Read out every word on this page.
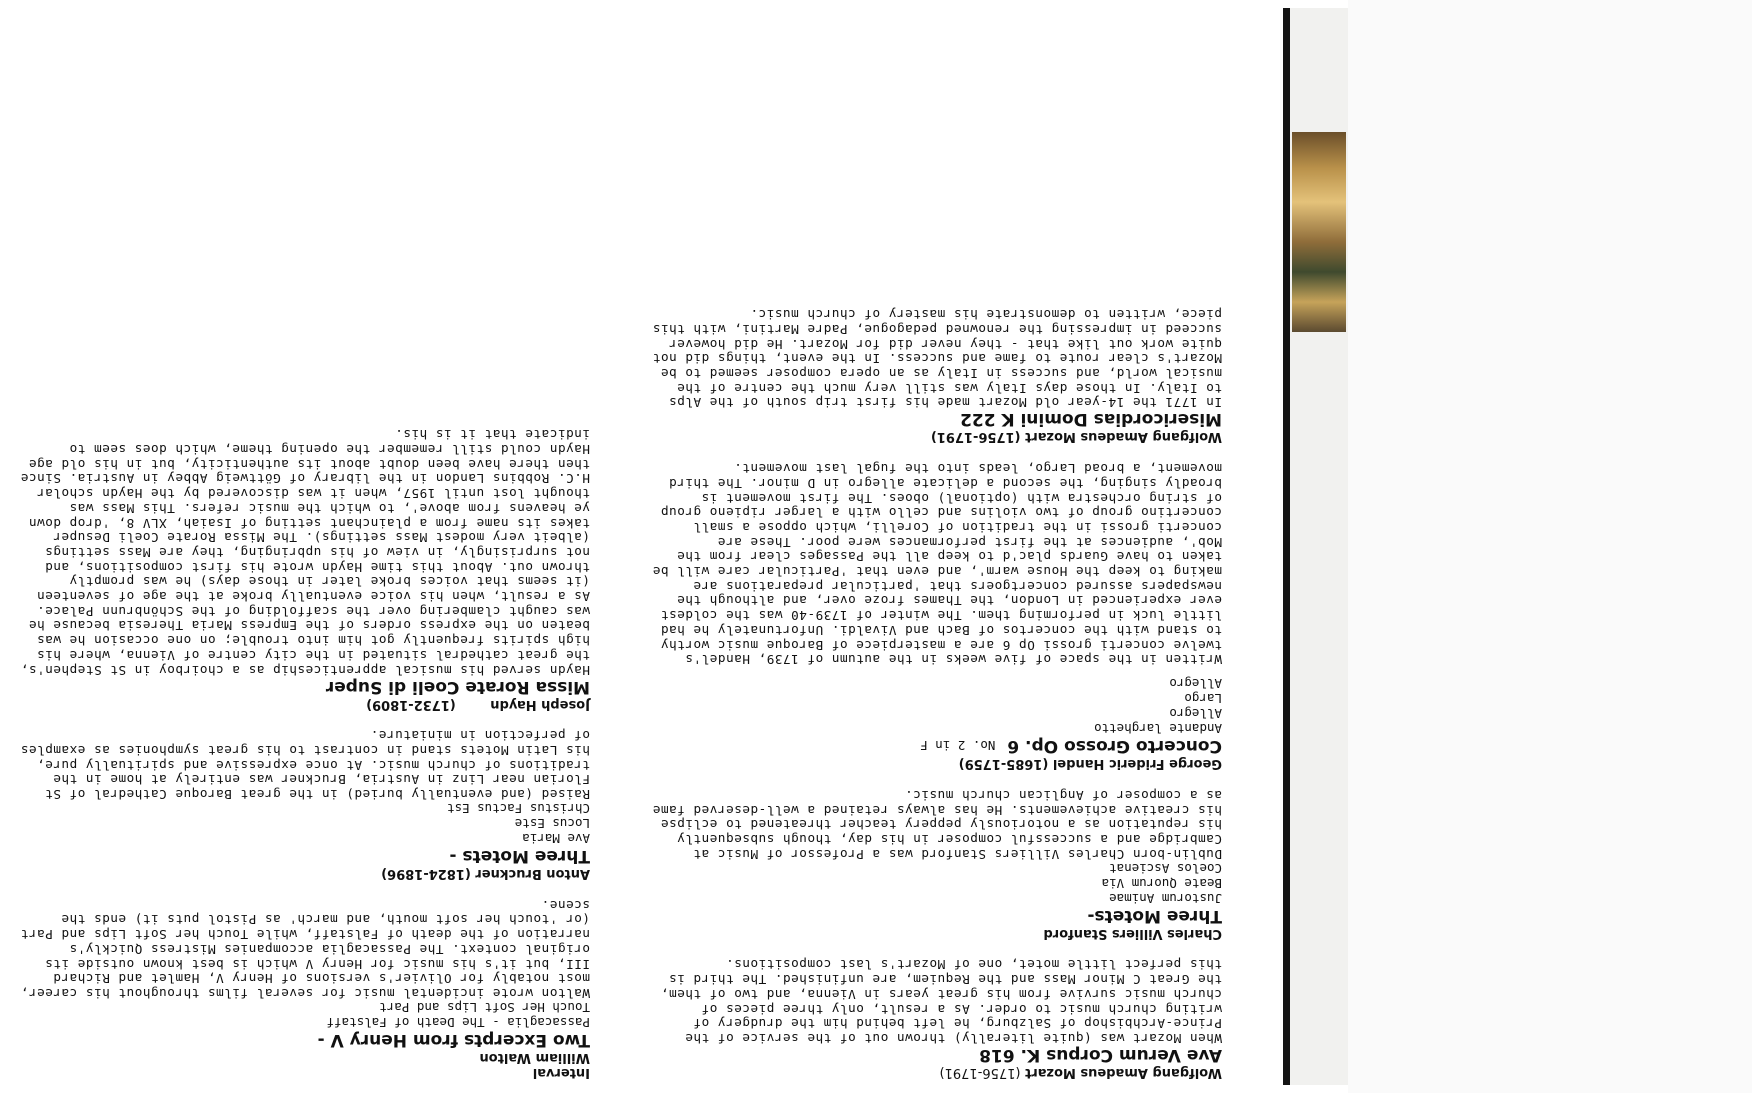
Interval

William Walton

Two Excerpts from Henry V -

Passacaglia - The Death of Falstaff

Touch Her Soft Lips and Part

Walton wrote incidental music for several films throughout his career, most notably for Olivier's versions of Henry V, Hamlet and Richard III, but it's his music for Henry V which is best known outside its original context. The Passacaglia accompanies Mistress Quickly's narration of the death of Falstaff, while Touch her Soft Lips and Part (or 'touch her soft mouth, and march' as Pistol puts it) ends the scene.

Anton Bruckner (1824-1896)

Three Motets -

Ave Maria

Locus Este

Christus Factus Est

Raised (and eventually buried) in the great Baroque Cathedral of St Florian near Linz in Austria, Bruckner was entirely at home in the traditions of church music. At once expressive and spiritually pure, his Latin Motets stand in contrast to his great symphonies as examples of perfection in miniature.

Joseph Haydn (1732-1809)

Missa Rorate Coeli di Super

Haydn served his musical apprenticeship as a choirboy in St Stephen's, the great cathedral situated in the city centre of Vienna, where his high spirits frequently got him into trouble; on one occasion he was beaten on the express orders of the Empress Maria Theresia because he was caught clambering over the scaffolding of the Schönbrunn Palace. As a result, when his voice eventually broke at the age of seventeen (it seems that voices broke later in those days) he was promptly thrown out. About this time Haydn wrote his first compositions, and not surprisingly, in view of his upbringing, they are Mass settings (albeit very modest Mass settings). The Missa Rorate Coeli Desuper takes its name from a plainchant setting of Isaiah, XLV 8, 'drop down ye heavens from above', to which the music refers. This Mass was thought lost until 1957, when it was discovered by the Haydn scholar H.C. Robbins Landon in the library of Göttweig Abbey in Austria. Since then there have been doubt about its authenticity, but in his old age Haydn could still remember the opening theme, which does seem to indicate that it is his.

Wolfgang Amadeus Mozart (1756-1791)

Ave Verum Corpus K. 618

When Mozart was (quite literally) thrown out of the service of the Prince-Archbishop of Salzburg, he left behind him the drudgery of writing church music to order. As a result, only three pieces of church music survive from his great years in Vienna, and two of them, the Great C Minor Mass and the Requiem, are unfinished. The third is this perfect little motet, one of Mozart's last compositions.

Charles Villiers Stanford

Three Motets-

Justorum Animae

Beate Quorum Via

Coelos Ascienat

Dublin-born Charles Villiers Stanford was a Professor of Music at Cambridge and a successful composer in his day, though subsequently his reputation as a notoriously peppery teacher threatened to eclipse his creative achievements. He has always retained a well-deserved fame as a composer of Anglican church music.

George Frideric Handel (1685-1759)

Concerto Grosso Op. 6 No. 2 in F

Andante larghetto

Allegro

Largo

Allegro

Written in the space of five weeks in the autumn of 1739, Handel's twelve concerti grossi Op 6 are a masterpiece of Baroque music worthy to stand with the concertos of Bach and Vivaldi. Unfortunately he had little luck in performing them. The winter of 1739-40 was the coldest ever experienced in London, the Thames froze over, and although the newspapers assured concertgoers that 'particular preparations are making to keep the House warm', and even that 'Particular care will be taken to have Guards plac'd to keep all the Passages clear from the Mob', audiences at the first performances were poor. These are concerti grossi in the tradition of Corelli, which oppose a small concertino group of two violins and cello with a larger ripieno group of string orchestra with (optional) oboes. The first movement is broadly singing, the second a delicate allegro in D minor. The third movement, a broad Largo, leads into the fugal last movement.

Wolfgang Amadeus Mozart (1756-1791)

Misericordias Domini K 222

In 1771 the 14-year old Mozart made his first trip south of the Alps to Italy. In those days Italy was still very much the centre of the musical world, and success in Italy as an opera composer seemed to be Mozart's clear route to fame and success. In the event, things did not quite work out like that - they never did for Mozart. He did however succeed in impressing the renowned pedagogue, Padre Martini, with this piece, written to demonstrate his mastery of church music.
